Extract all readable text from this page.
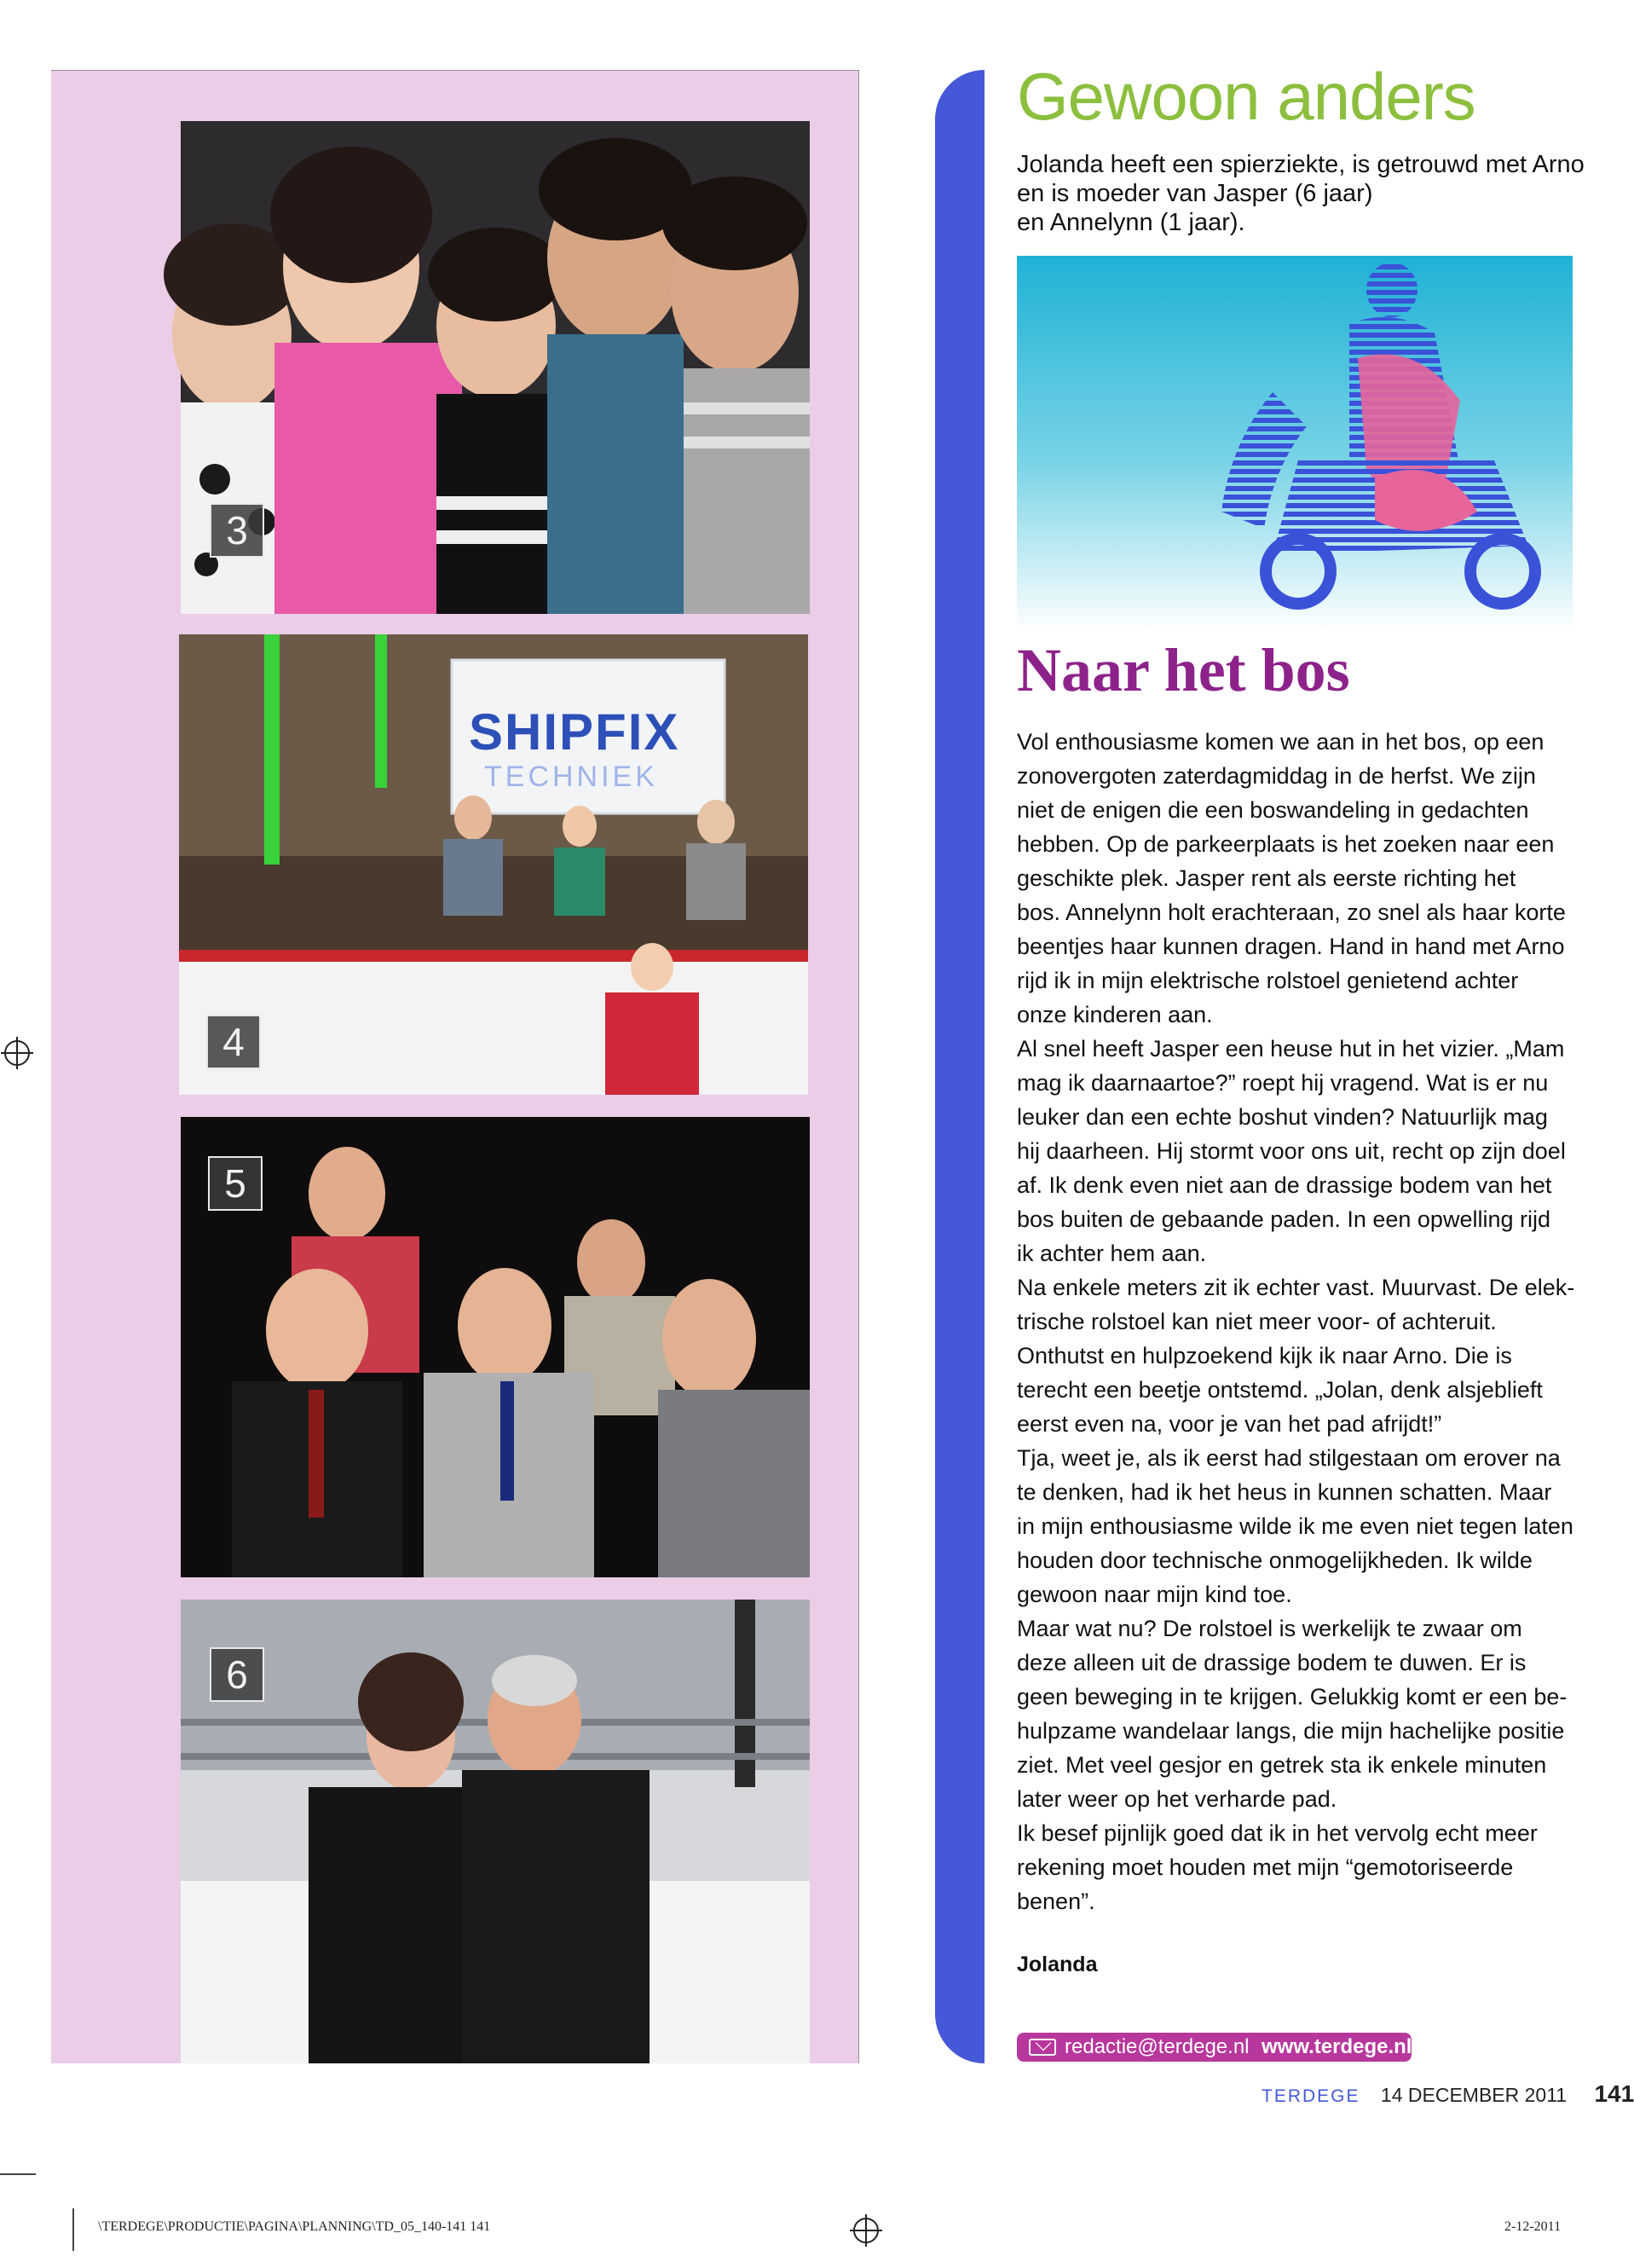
3
SHIPFIX
TECHNIEK
4
5
6
Gewoon anders
Jolanda heeft een spierziekte, is getrouwd met Arno
en is moeder van Jasper (6 jaar)
en Annelynn (1 jaar).
Naar het bos

Vol enthousiasme komen we aan in het bos, op een

zonovergoten zaterdagmiddag in de herfst. We zijn

niet de enigen die een boswandeling in gedachten

hebben. Op de parkeerplaats is het zoeken naar een

geschikte plek. Jasper rent als eerste richting het

bos. Annelynn holt erachteraan, zo snel als haar korte

beentjes haar kunnen dragen. Hand in hand met Arno

rijd ik in mijn elektrische rolstoel genietend achter

onze kinderen aan.

Al snel heeft Jasper een heuse hut in het vizier. „Mam

mag ik daarnaartoe?” roept hij vragend. Wat is er nu

leuker dan een echte boshut vinden? Natuurlijk mag

hij daarheen. Hij stormt voor ons uit, recht op zijn doel

af. Ik denk even niet aan de drassige bodem van het

bos buiten de gebaande paden. In een opwelling rijd

ik achter hem aan.

Na enkele meters zit ik echter vast. Muurvast. De elek-

trische rolstoel kan niet meer voor- of achteruit.

Onthutst en hulpzoekend kijk ik naar Arno. Die is

terecht een beetje ontstemd. „Jolan, denk alsjeblieft

eerst even na, voor je van het pad afrijdt!”

Tja, weet je, als ik eerst had stilgestaan om erover na

te denken, had ik het heus in kunnen schatten. Maar

in mijn enthousiasme wilde ik me even niet tegen laten

houden door technische onmogelijkheden. Ik wilde

gewoon naar mijn kind toe.

Maar wat nu? De rolstoel is werkelijk te zwaar om

deze alleen uit de drassige bodem te duwen. Er is

geen beweging in te krijgen. Gelukkig komt er een be-

hulpzame wandelaar langs, die mijn hachelijke positie

ziet. Met veel gesjor en getrek sta ik enkele minuten

later weer op het verharde pad.

Ik besef pijnlijk goed dat ik in het vervolg echt meer

rekening moet houden met mijn “gemotoriseerde

benen”.

Jolanda
redactie@terdege.nl www.terdege.nl
TERDEGE 14 DECEMBER 2011 141
\TERDEGE\PRODUCTIE\PAGINA\PLANNING\TD_05_140-141 141	2-12-2011
